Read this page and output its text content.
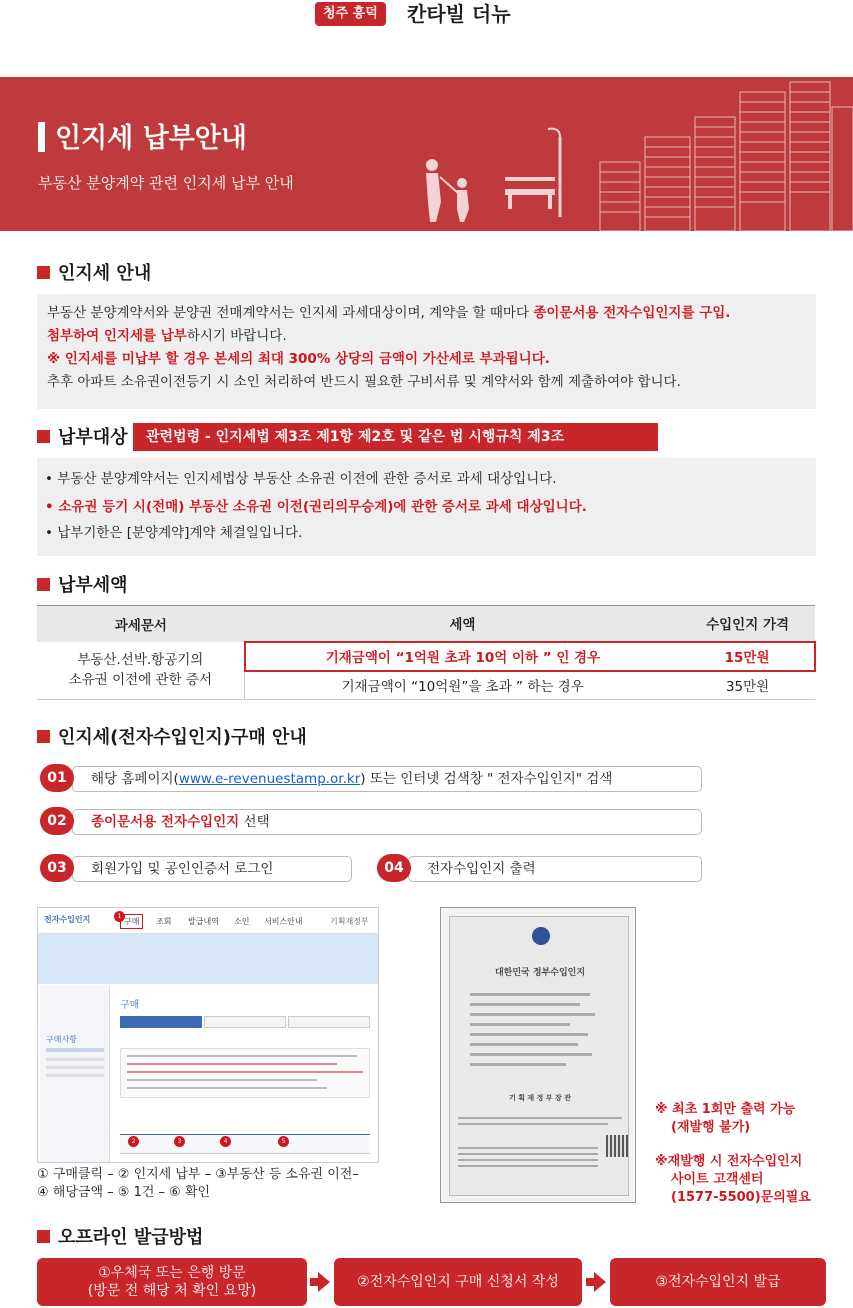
청주 흥덕	칸타빌 더뉴
인지세 납부안내
부동산 분양계약 관련 인지세 납부 안내
인지세 안내
부동산 분양계약서와 분양권 전매계약서는 인지세 과세대상이며, 계약을 할 때마다 종이문서용 전자수입인지를 구입.
첨부하여 인지세를 납부하시기 바랍니다.
※ 인지세를 미납부 할 경우 본세의 최대 300% 상당의 금액이 가산세로 부과됩니다.
추후 아파트 소유권이전등기 시 소인 처리하여 반드시 필요한 구비서류 및 계약서와 함께 제출하여야 합니다.
납부대상	관련법령 - 인지세법 제3조 제1항 제2호 및 같은 법 시행규칙 제3조
• 부동산 분양계약서는 인지세법상 부동산 소유권 이전에 관한 증서로 과세 대상입니다.
• 소유권 등기 시(전매) 부동산 소유권 이전(권리의무승계)에 관한 증서로 과세 대상입니다.
• 납부기한은 [분양계약]계약 체결일입니다.
납부세액
과세문서	세액	수입인지 가격

부동산.선박.항공기의
소유권 이전에 관한 증서	기재금액이 “1억원 초과 10억 이하 ” 인 경우	15만원
	기재금액이 “10억원”을 초과 ” 하는 경우	35만원
인지세(전자수입인지)구매 안내
해당 홈페이지(www.e-revenuestamp.or.kr) 또는 인터넷 검색창 " 전자수입인지" 검색
01
종이문서용 전자수입인지 선택
02
회원가입 및 공인인증서 로그인
03	전자수입인지 출력
04
전자수입인지	구매	조회 발급내역 소인 서비스안내	기획재정부
1
구매사항
구매
2	3	4	5
① 구매클릭 – ② 인지세 납부 – ③부동산 등 소유권 이전–
④ 해당금액 – ⑤ 1건 – ⑥ 확인
대한민국 정부수입인지
기 획 재 정 부 장 관
※ 최초 1회만 출력 가능
(재발행 불가)
※재발행 시 전자수입인지
사이트 고객센터
(1577-5500)문의필요
오프라인 발급방법
①우체국 또는 은행 방문
(방문 전 해당 처 확인 요망)
②전자수입인지 구매 신청서 작성	③전자수입인지 발급
